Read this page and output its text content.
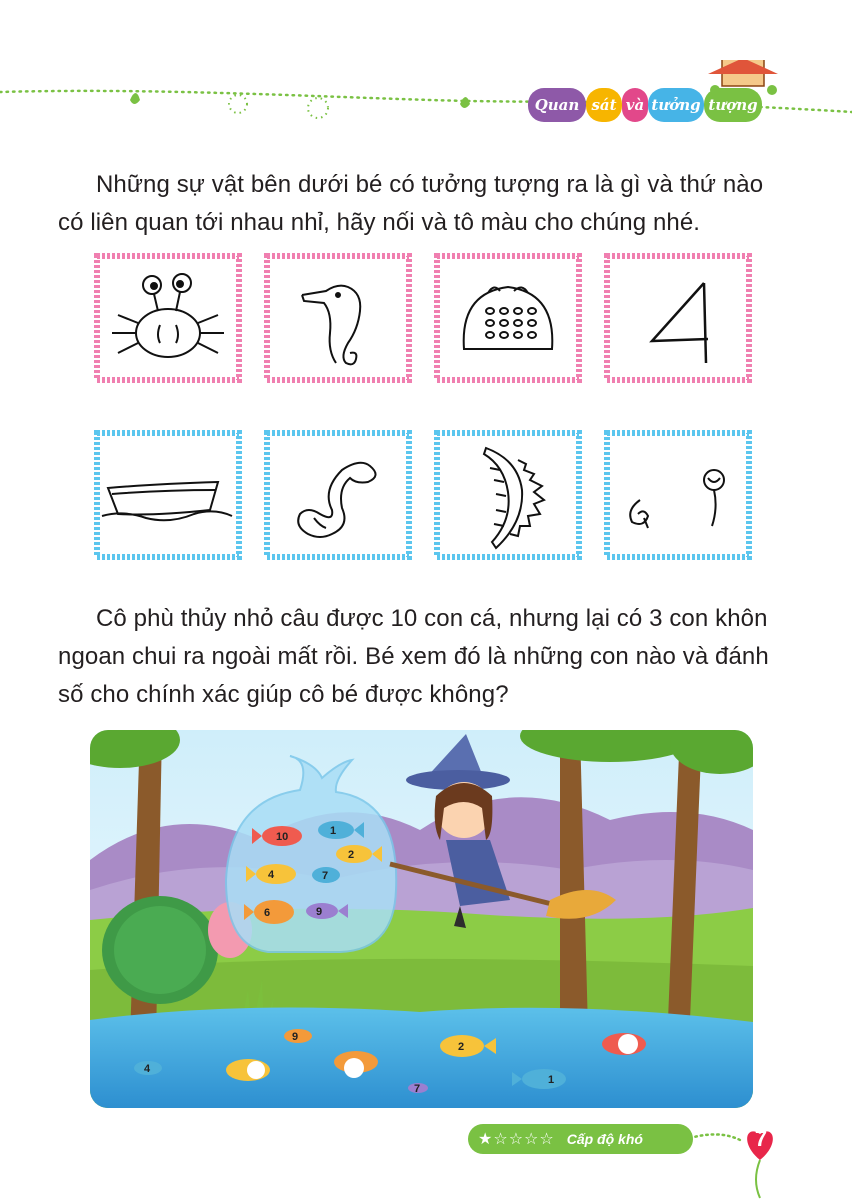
Quan sát và tưởng tượng
Những sự vật bên dưới bé có tưởng tượng ra là gì và thứ nào
có liên quan tới nhau nhỉ, hãy nối và tô màu cho chúng nhé.
Cô phù thủy nhỏ câu được 10 con cá, nhưng lại có 3 con khôn
ngoan chui ra ngoài mất rồi. Bé xem đó là những con nào và đánh
số cho chính xác giúp cô bé được không?
10	1
2
4	7
6	9
9
2
4
7
1
★☆☆☆☆ Cấp độ khó	7
